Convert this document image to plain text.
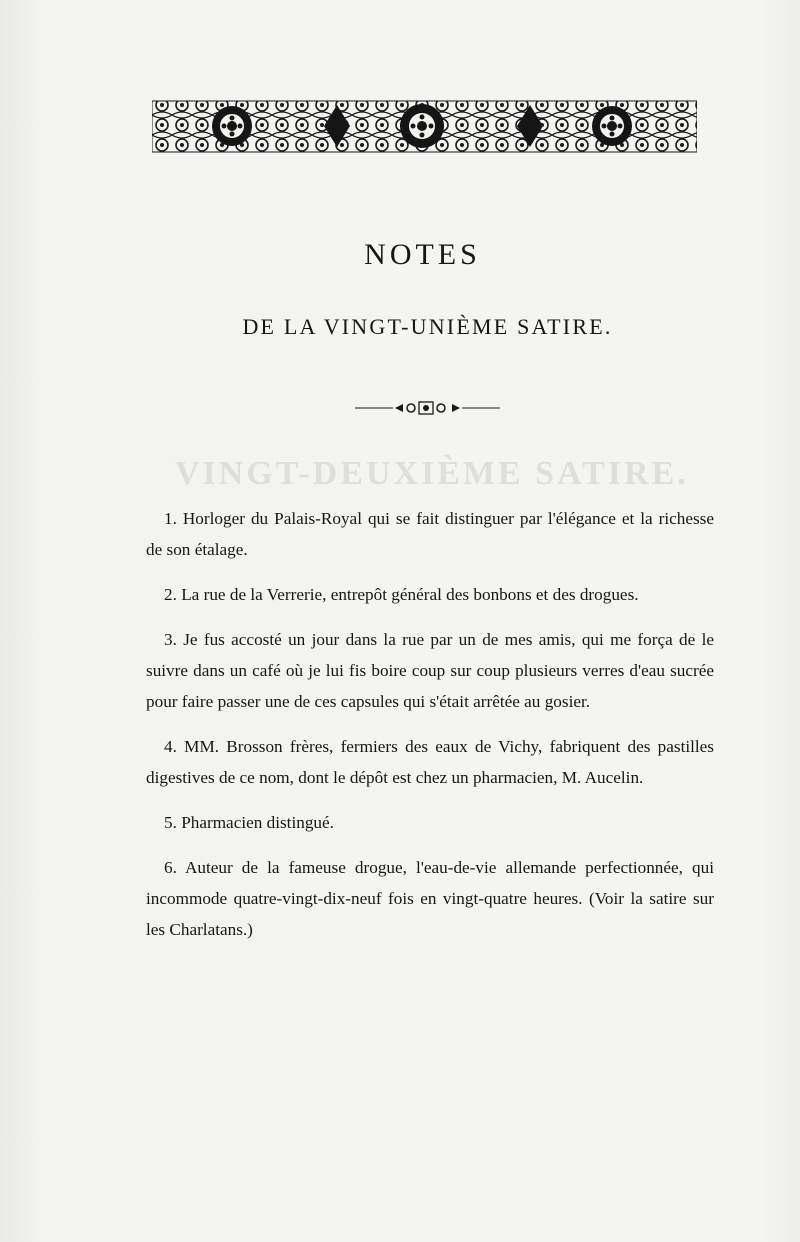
VINGT-DEUXIÈME SATIRE.
NOTES
DE LA VINGT-UNIÈME SATIRE.

1. Horloger du Palais-Royal qui se fait distinguer par l'élégance et la richesse de son étalage.

2. La rue de la Verrerie, entrepôt général des bonbons et des drogues.

3. Je fus accosté un jour dans la rue par un de mes amis, qui me força de le suivre dans un café où je lui fis boire coup sur coup plusieurs verres d'eau sucrée pour faire passer une de ces capsules qui s'était arrêtée au gosier.

4. MM. Brosson frères, fermiers des eaux de Vichy, fabriquent des pastilles digestives de ce nom, dont le dépôt est chez un pharmacien, M. Aucelin.

5. Pharmacien distingué.

6. Auteur de la fameuse drogue, l'eau-de-vie allemande perfectionnée, qui incommode quatre-vingt-dix-neuf fois en vingt-quatre heures. (Voir la satire sur les Charlatans.)
